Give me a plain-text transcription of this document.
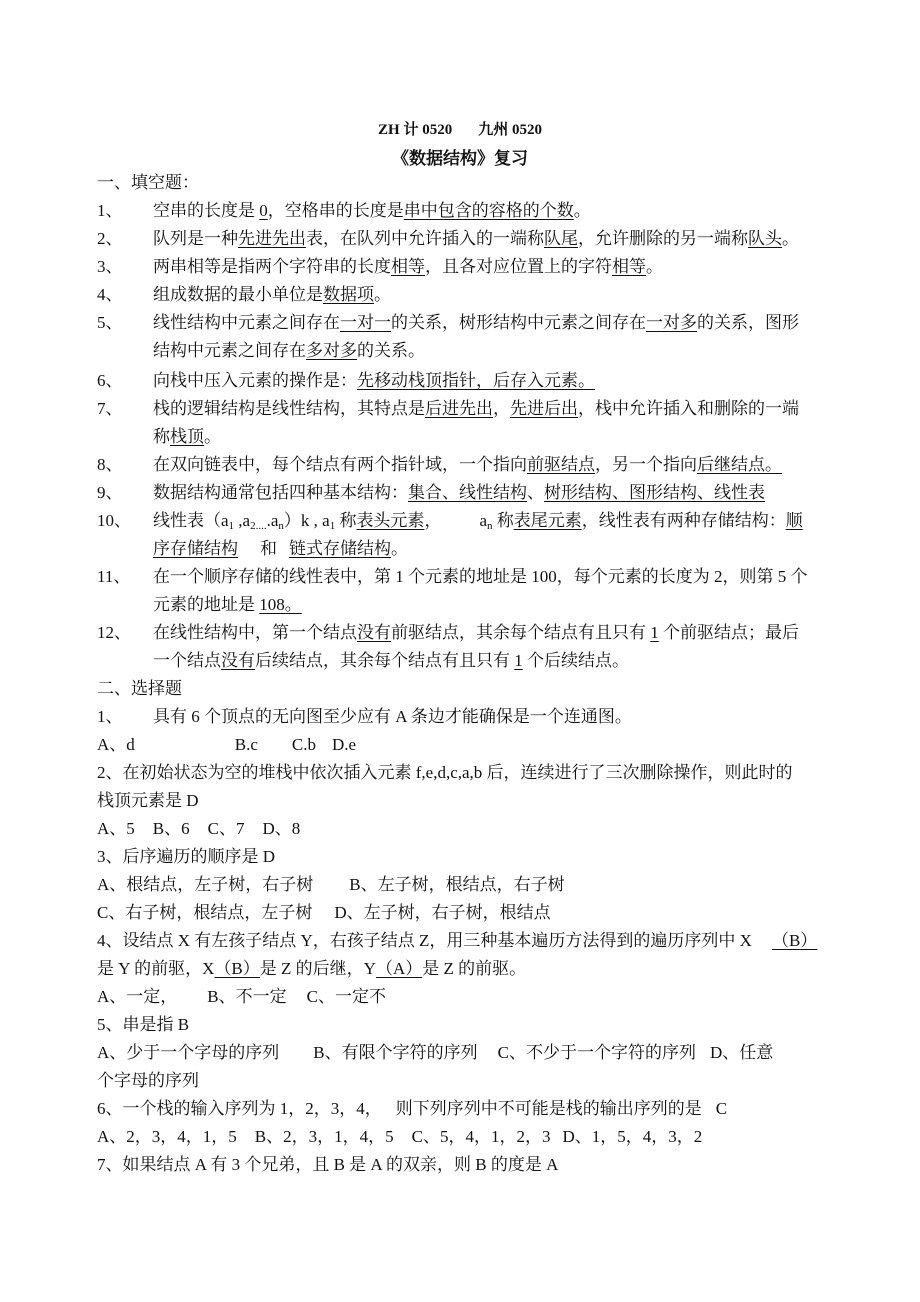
ZH 计 0520 九州 0520
《数据结构》复习
一、填空题：
1、 空串的长度是 0，空格串的长度是串中包含的容格的个数。
2、 队列是一种先进先出表，在队列中允许插入的一端称队尾，允许删除的另一端称队头。
3、 两串相等是指两个字符串的长度相等，且各对应位置上的字符相等。
4、 组成数据的最小单位是数据项。
5、 线性结构中元素之间存在一对一的关系，树形结构中元素之间存在一对多的关系，图形
结构中元素之间存在多对多的关系。
6、 向栈中压入元素的操作是：先移动栈顶指针，后存入元素。
7、 栈的逻辑结构是线性结构，其特点是后进先出，先进后出，栈中允许插入和删除的一端
称栈顶。
8、 在双向链表中，每个结点有两个指针域，一个指向前驱结点，另一个指向后继结点。
9、 数据结构通常包括四种基本结构：集合、线性结构、树形结构、图形结构、线性表
10、 线性表（$a_1$ $,a_{2....}.a_n)k$ , $a_1$ 称表头元素， $a_n$ 称表尾元素，线性表有两种存储结构：顺
序存储结构 和 链式存储结构。
11、 在一个顺序存储的线性表中，第 1 个元素的地址是 100，每个元素的长度为 2，则第 5 个
元素的地址是 108。
12、 在线性结构中，第一个结点没有前驱结点，其余每个结点有且只有 1 个前驱结点；最后
一个结点没有后续结点，其余每个结点有且只有 1 个后续结点。
二、选择题
1、 具有 6 个顶点的无向图至少应有 A 条边才能确保是一个连通图。
A、d	B.c C.b D.e
2、在初始状态为空的堆栈中依次插入元素 f,e,d,c,a,b 后，连续进行了三次删除操作，则此时的
栈顶元素是 D
A、5 B、6 C、7 D、8
3、后序遍历的顺序是 D
A、根结点，左子树，右子树 B、左子树，根结点，右子树
C、右子树，根结点，左子树 D、左子树，右子树，根结点
4、设结点 X 有左孩子结点 Y，右孩子结点 Z，用三种基本遍历方法得到的遍历序列中 X （B）
是 Y 的前驱，X（B）是 Z 的后继，Y（A）是 Z 的前驱。
A、一定， B、不一定 C、一定不
5、串是指 B
A、少于一个字母的序列 B、有限个字符的序列 C、不少于一个字符的序列 D、任意
个字母的序列
6、一个栈的输入序列为 1，2，3，4， 则下列序列中不可能是栈的输出序列的是 C
A、2，3，4，1，5 B、2，3，1，4，5 C、5，4，1，2，3 D、1，5，4，3，2
7、如果结点 A 有 3 个兄弟，且 B 是 A 的双亲，则 B 的度是 A
